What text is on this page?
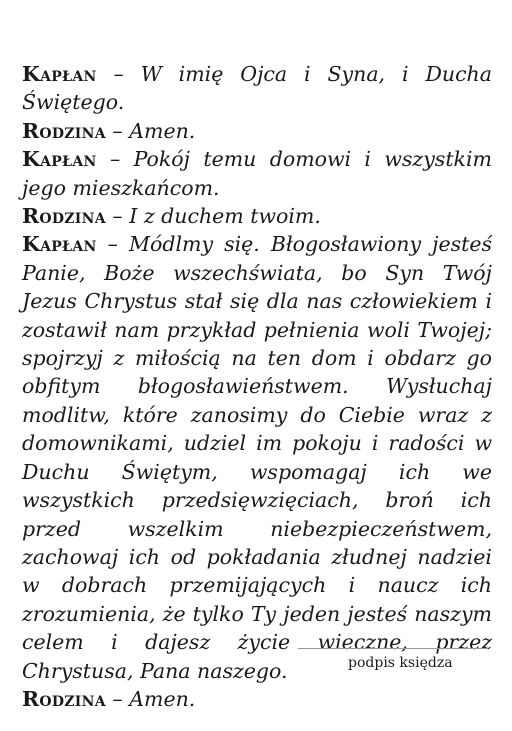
Kapłan – W imię Ojca i Syna, i Ducha Świętego.

Rodzina – Amen.

Kapłan – Pokój temu domowi i wszystkim jego mieszkańcom.

Rodzina – I z duchem twoim.

Kapłan – Módlmy się. Błogosławiony jesteś Panie, Boże wszechświata, bo Syn Twój Jezus Chrystus stał się dla nas człowiekiem i zostawił nam przykład pełnienia woli Twojej; spojrzyj z miłością na ten dom i obdarz go obfitym błogosławieństwem. Wysłuchaj modlitw, które zanosimy do Ciebie wraz z domownikami, udziel im pokoju i radości w Duchu Świętym, wspomagaj ich we wszystkich przedsięwzięciach, broń ich przed wszelkim niebezpieczeństwem, zachowaj ich od pokładania złudnej nadziei w dobrach przemijających i naucz ich zrozumienia, że tylko Ty jeden jesteś naszym celem i dajesz życie wieczne, przez Chrystusa, Pana naszego.

Rodzina – Amen.

podpis księdza
